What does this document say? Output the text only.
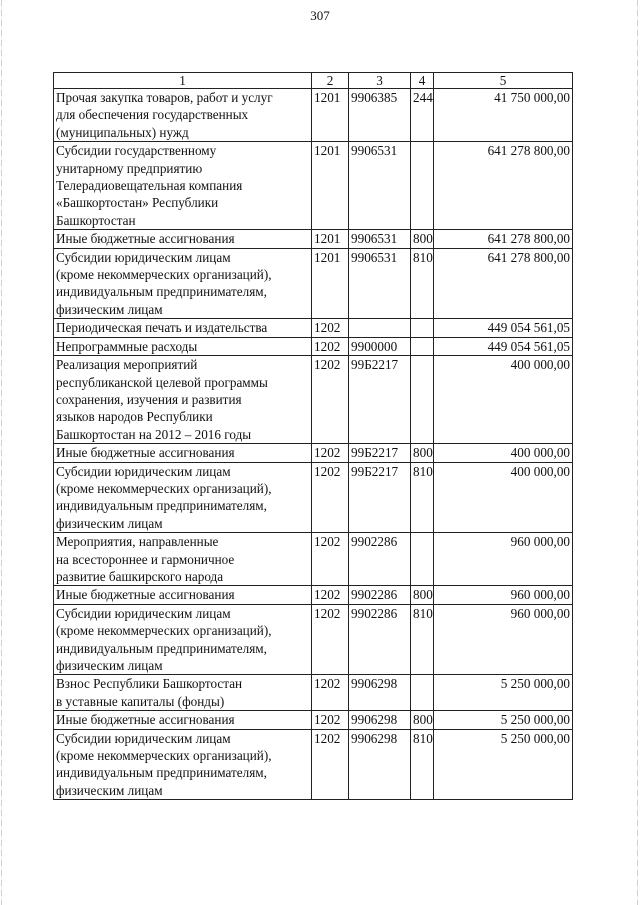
307
1	2	3	4	5
Прочая закупка товаров, работ и услуг
для обеспечения государственных
(муниципальных) нужд	1201	9906385	244	41 750 000,00
Субсидии государственному
унитарному предприятию
Телерадиовещательная компания
«Башкортостан» Республики
Башкортостан	1201	9906531		641 278 800,00
Иные бюджетные ассигнования	1201	9906531	800	641 278 800,00
Субсидии юридическим лицам
(кроме некоммерческих организаций),
индивидуальным предпринимателям,
физическим лицам	1201	9906531	810	641 278 800,00
Периодическая печать и издательства	1202			449 054 561,05
Непрограммные расходы	1202	9900000		449 054 561,05
Реализация мероприятий
республиканской целевой программы
сохранения, изучения и развития
языков народов Республики
Башкортостан на 2012 – 2016 годы	1202	99Б2217		400 000,00
Иные бюджетные ассигнования	1202	99Б2217	800	400 000,00
Субсидии юридическим лицам
(кроме некоммерческих организаций),
индивидуальным предпринимателям,
физическим лицам	1202	99Б2217	810	400 000,00
Мероприятия, направленные
на всестороннее и гармоничное
развитие башкирского народа	1202	9902286		960 000,00
Иные бюджетные ассигнования	1202	9902286	800	960 000,00
Субсидии юридическим лицам
(кроме некоммерческих организаций),
индивидуальным предпринимателям,
физическим лицам	1202	9902286	810	960 000,00
Взнос Республики Башкортостан
в уставные капиталы (фонды)	1202	9906298		5 250 000,00
Иные бюджетные ассигнования	1202	9906298	800	5 250 000,00
Субсидии юридическим лицам
(кроме некоммерческих организаций),
индивидуальным предпринимателям,
физическим лицам	1202	9906298	810	5 250 000,00
